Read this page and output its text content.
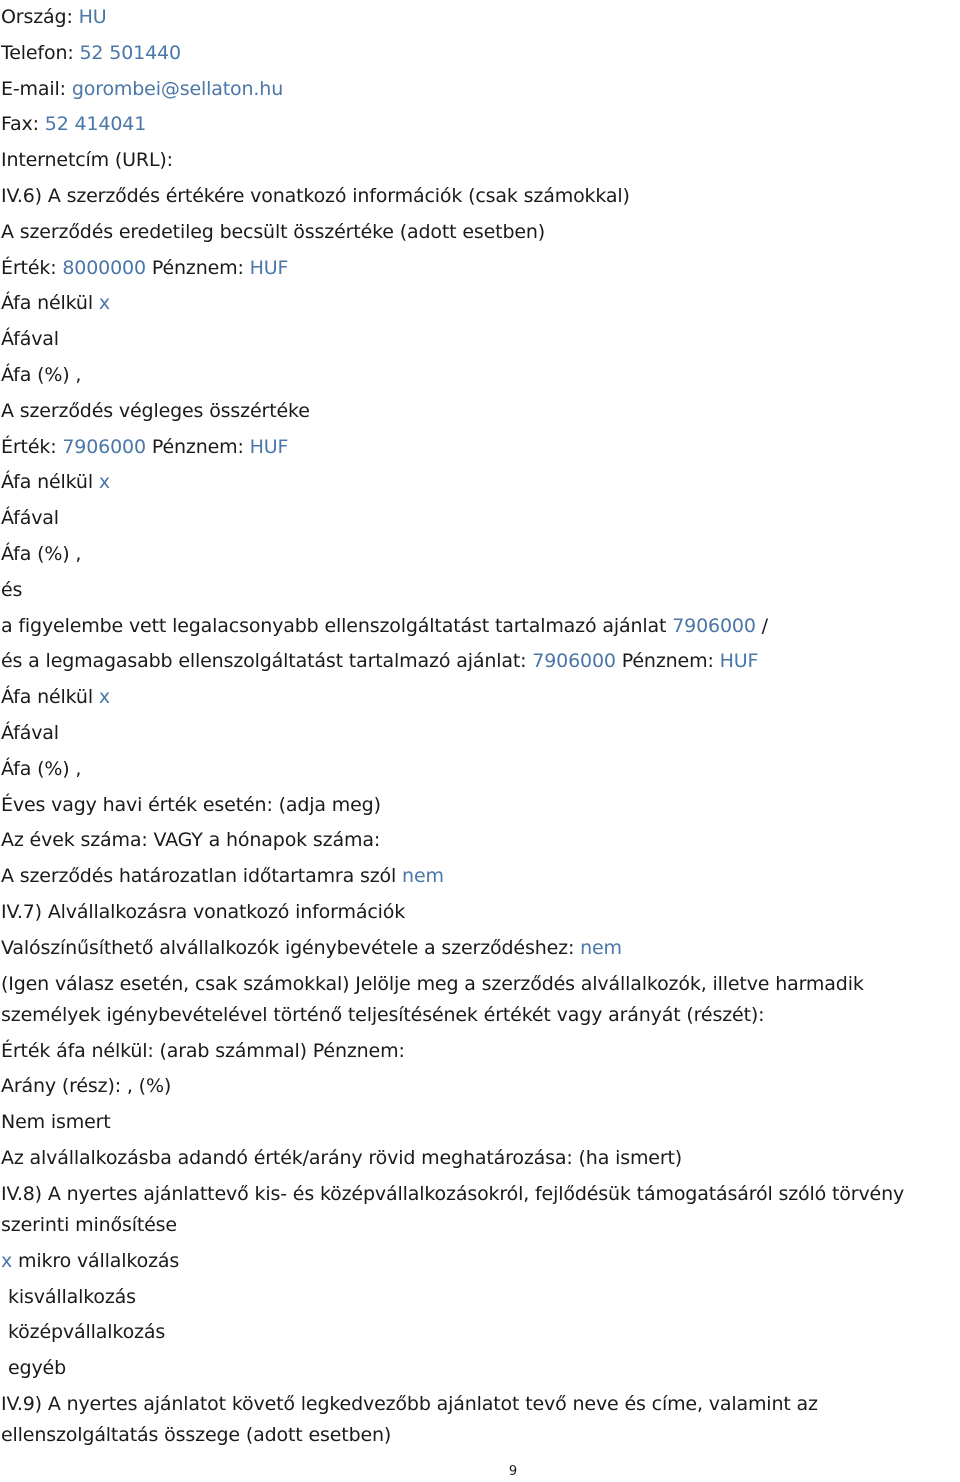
Ország: HU
Telefon: 52 501440
E-mail: gorombei@sellaton.hu
Fax: 52 414041
Internetcím (URL):
IV.6) A szerződés értékére vonatkozó információk (csak számokkal)
A szerződés eredetileg becsült összértéke (adott esetben)
Érték: 8000000 Pénznem: HUF
Áfa nélkül x
Áfával
Áfa (%) ,
A szerződés végleges összértéke
Érték: 7906000 Pénznem: HUF
Áfa nélkül x
Áfával
Áfa (%) ,
és
a figyelembe vett legalacsonyabb ellenszolgáltatást tartalmazó ajánlat 7906000 /
és a legmagasabb ellenszolgáltatást tartalmazó ajánlat: 7906000 Pénznem: HUF
Áfa nélkül x
Áfával
Áfa (%) ,
Éves vagy havi érték esetén: (adja meg)
Az évek száma: VAGY a hónapok száma:
A szerződés határozatlan időtartamra szól nem
IV.7) Alvállalkozásra vonatkozó információk
Valószínűsíthető alvállalkozók igénybevétele a szerződéshez: nem
(Igen válasz esetén, csak számokkal) Jelölje meg a szerződés alvállalkozók, illetve harmadik személyek igénybevételével történő teljesítésének értékét vagy arányát (részét):
Érték áfa nélkül: (arab számmal) Pénznem:
Arány (rész): , (%)
Nem ismert
Az alvállalkozásba adandó érték/arány rövid meghatározása: (ha ismert)
IV.8) A nyertes ajánlattevő kis- és középvállalkozásokról, fejlődésük támogatásáról szóló törvény szerinti minősítése
x mikro vállalkozás
kisvállalkozás
középvállalkozás
egyéb
IV.9) A nyertes ajánlatot követő legkedvezőbb ajánlatot tevő neve és címe, valamint az ellenszolgáltatás összege (adott esetben)
9
